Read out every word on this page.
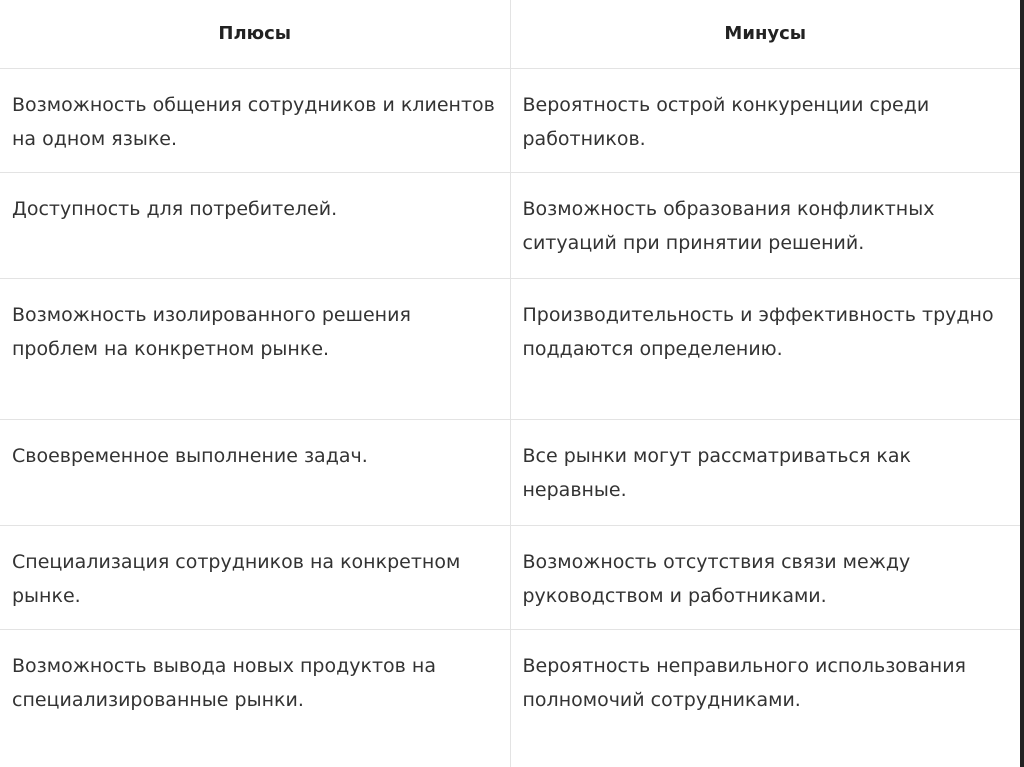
Плюсы	Минусы
Возможность общения сотрудников и клиентов на одном языке.	Вероятность острой конкуренции среди работников.
Доступность для потребителей.	Возможность образования конфликтных ситуаций при принятии решений.
Возможность изолированного решения проблем на конкретном рынке.	Производительность и эффективность трудно поддаются определению.
Своевременное выполнение задач.	Все рынки могут рассматриваться как неравные.
Специализация сотрудников на конкретном рынке.	Возможность отсутствия связи между руководством и работниками.
Возможность вывода новых продуктов на специализированные рынки.	Вероятность неправильного использования полномочий сотрудниками.
